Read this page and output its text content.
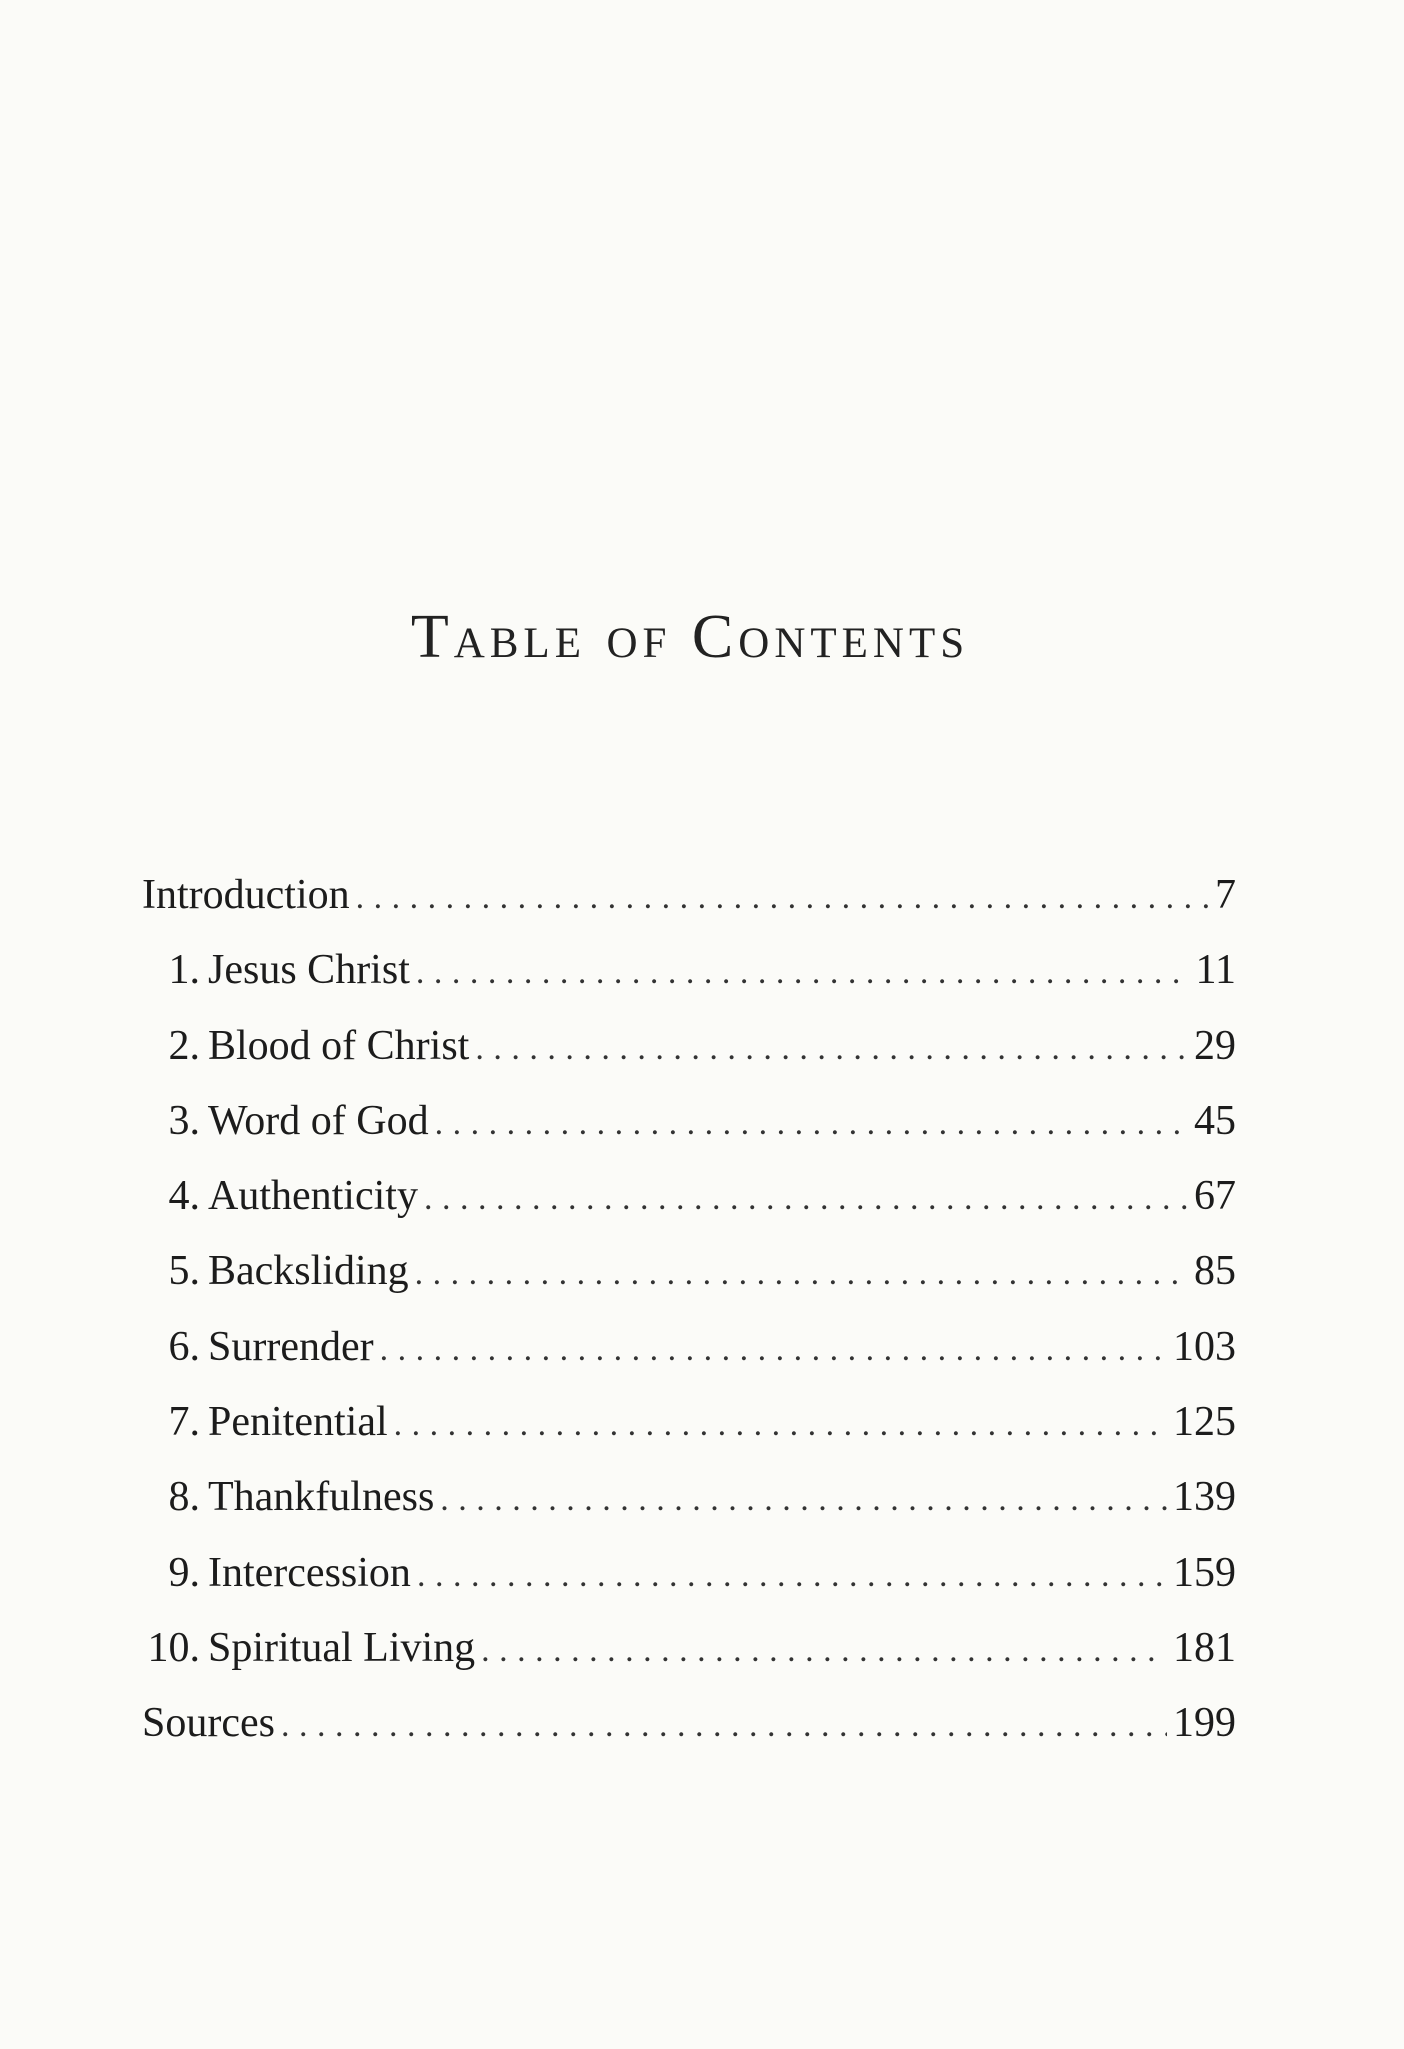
Table of Contents
Introduction . . .	7
1. Jesus Christ . . .	11
2. Blood of Christ . . .	29
3. Word of God . . .	45
4. Authenticity . . .	67
5. Backsliding . . .	85
6. Surrender . . .	103
7. Penitential . . .	125
8. Thankfulness . . .	139
9. Intercession . . .	159
10. Spiritual Living . . .	181
Sources . . .	199
